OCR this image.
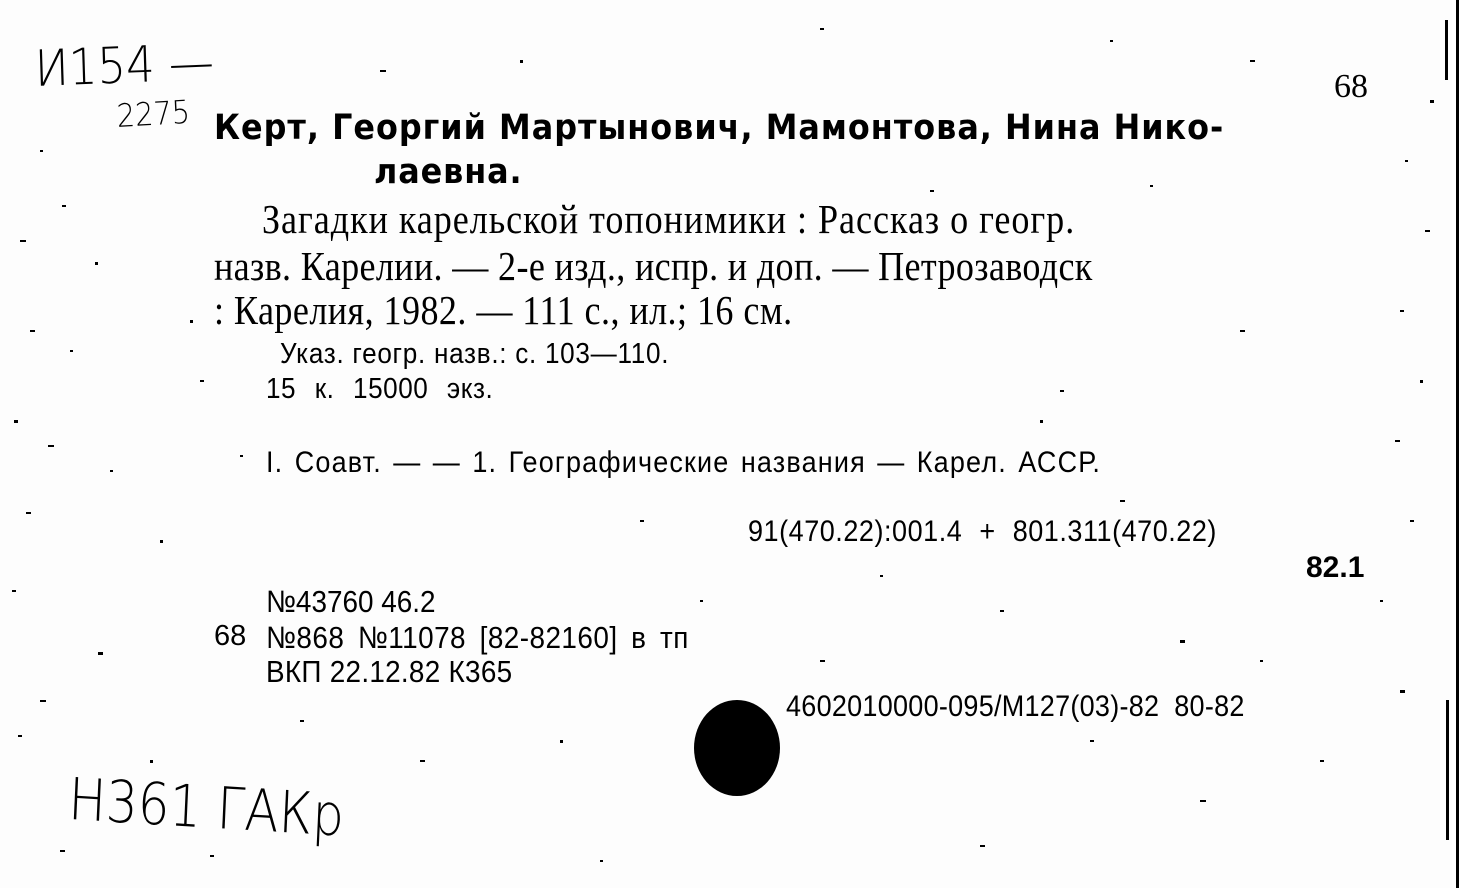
И154 —
2275
Н361 ГАКр
68
Керт, Георгий Мартынович, Мамонтова, Нина Нико-
лаевна.
Загадки карельской топонимики : Рассказ о геогр.
назв. Карелии. — 2-е изд., испр. и доп. — Петрозаводск
: Карелия, 1982. — 111 с., ил.; 16 см.
Указ. геогр. назв.: с. 103—110.
15 к. 15000 экз.
I. Соавт. — — 1. Географические названия — Карел. АССР.
91(470.22):001.4 + 801.311(470.22)
82.1
№43760 46.2
68 №868 №11078 [82-82160] в тп
ВКП 22.12.82 К365
4602010000-095/М127(03)-82 80-82
